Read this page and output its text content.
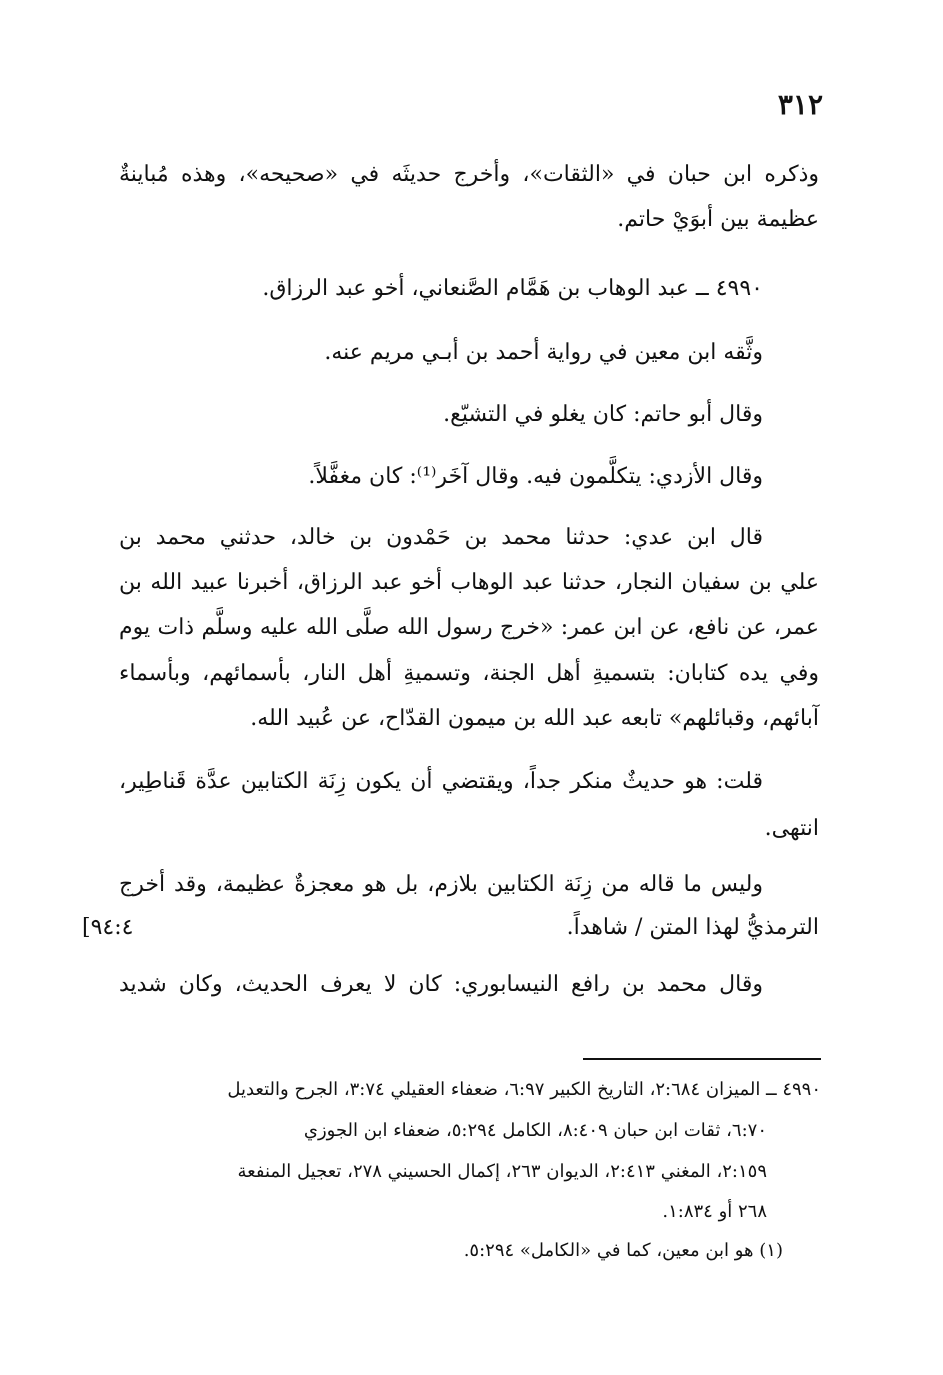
٣١٢
وذكره ابن حبان في «الثقات»، وأخرج حديثَه في «صحيحه»، وهذه مُباينةٌ
عظيمة بين أبوَيْ حاتم.
٤٩٩٠ ــ عبد الوهاب بن هَمَّام الصَّنعاني، أخو عبد الرزاق.
وثَّقه ابن معين في رواية أحمد بن أبـي مريم عنه.
وقال أبو حاتم: كان يغلو في التشيّع.
وقال الأزدي: يتكلَّمون فيه. وقال آخَر⁽¹⁾: كان مغفَّلاً.
قال ابن عدي: حدثنا محمد بن حَمْدون بن خالد، حدثني محمد بن
علي بن سفيان النجار، حدثنا عبد الوهاب أخو عبد الرزاق، أخبرنا عبيد الله بن
عمر، عن نافع، عن ابن عمر: «خرج رسول الله صلَّى الله عليه وسلَّم ذات يوم
وفي يده كتابان: بتسميةِ أهل الجنة، وتسميةِ أهل النار، بأسمائهم، وبأسماء
آبائهم، وقبائلهم» تابعه عبد الله بن ميمون القدّاح، عن عُبيد الله.
قلت: هو حديثٌ منكر جداً، ويقتضي أن يكون زِنَة الكتابين عدَّة قَناطِير،
انتهى.
وليس ما قاله من زِنَة الكتابين بلازم، بل هو معجزةٌ عظيمة، وقد أخرج
الترمذيُّ لهذا المتن / شاهداً.
[٩٤:٤
وقال محمد بن رافع النيسابوري: كان لا يعرف الحديث، وكان شديد
٤٩٩٠ ــ الميزان ٢:٦٨٤، التاريخ الكبير ٦:٩٧، ضعفاء العقيلي ٣:٧٤، الجرح والتعديل
٦:٧٠، ثقات ابن حبان ٨:٤٠٩، الكامل ٥:٢٩٤، ضعفاء ابن الجوزي
٢:١٥٩، المغني ٢:٤١٣، الديوان ٢٦٣، إكمال الحسيني ٢٧٨، تعجيل المنفعة
٢٦٨ أو ١:٨٣٤.
(١) هو ابن معين، كما في «الكامل» ٥:٢٩٤.
